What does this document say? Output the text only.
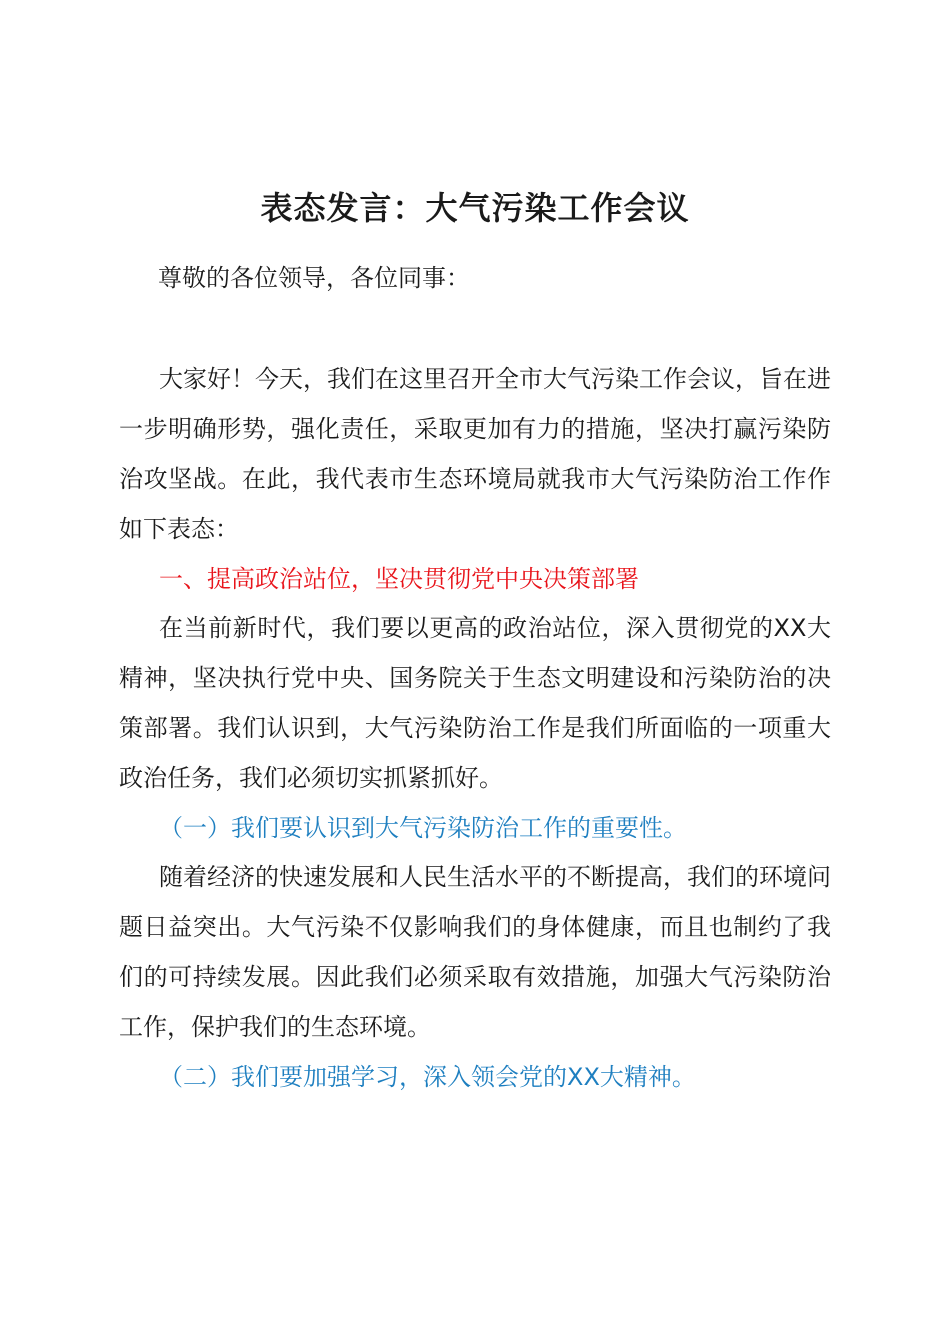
表态发言：大气污染工作会议
尊敬的各位领导，各位同事：

大家好！今天，我们在这里召开全市大气污染工作会议，旨在进一步明确形势，强化责任，采取更加有力的措施，坚决打赢污染防治攻坚战。在此，我代表市生态环境局就我市大气污染防治工作作如下表态：

一、提高政治站位，坚决贯彻党中央决策部署

在当前新时代，我们要以更高的政治站位，深入贯彻党的XX大精神，坚决执行党中央、国务院关于生态文明建设和污染防治的决策部署。我们认识到，大气污染防治工作是我们所面临的一项重大政治任务，我们必须切实抓紧抓好。

（一）我们要认识到大气污染防治工作的重要性。

随着经济的快速发展和人民生活水平的不断提高，我们的环境问题日益突出。大气污染不仅影响我们的身体健康，而且也制约了我们的可持续发展。因此我们必须采取有效措施，加强大气污染防治工作，保护我们的生态环境。

（二）我们要加强学习，深入领会党的XX大精神。
